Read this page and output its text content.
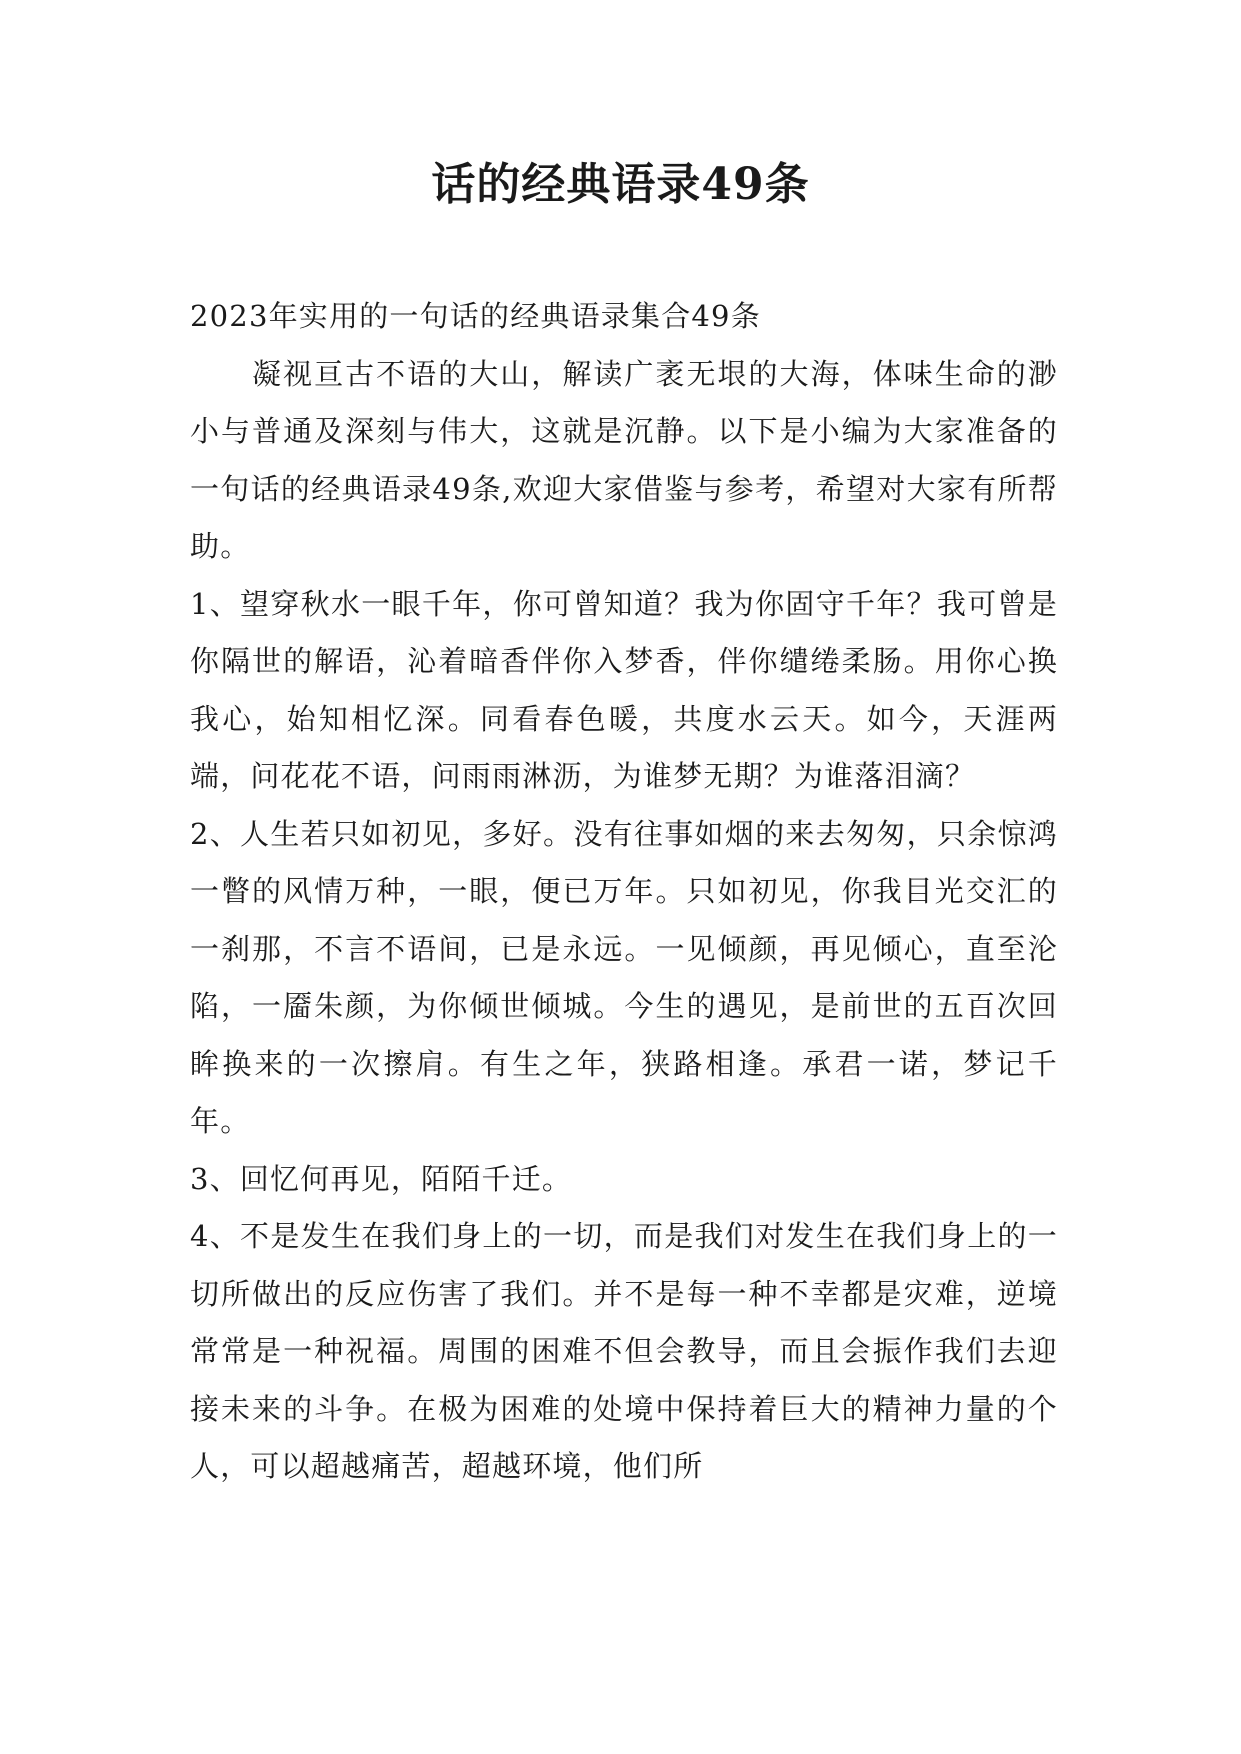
话的经典语录49条

2023年实用的一句话的经典语录集合49条

凝视亘古不语的大山，解读广袤无垠的大海，体味生命的渺小与普通及深刻与伟大，这就是沉静。以下是小编为大家准备的一句话的经典语录49条,欢迎大家借鉴与参考，希望对大家有所帮助。

1、望穿秋水一眼千年，你可曾知道？我为你固守千年？我可曾是你隔世的解语，沁着暗香伴你入梦香，伴你缱绻柔肠。用你心换我心，始知相忆深。同看春色暖，共度水云天。如今，天涯两端，问花花不语，问雨雨淋沥，为谁梦无期？为谁落泪滴？

2、人生若只如初见，多好。没有往事如烟的来去匆匆，只余惊鸿一瞥的风情万种，一眼，便已万年。只如初见，你我目光交汇的一刹那，不言不语间，已是永远。一见倾颜，再见倾心，直至沦陷，一靥朱颜，为你倾世倾城。今生的遇见，是前世的五百次回眸换来的一次擦肩。有生之年，狭路相逢。承君一诺，梦记千年。

3、回忆何再见，陌陌千迁。

4、不是发生在我们身上的一切，而是我们对发生在我们身上的一切所做出的反应伤害了我们。并不是每一种不幸都是灾难，逆境常常是一种祝福。周围的困难不但会教导，而且会振作我们去迎接未来的斗争。在极为困难的处境中保持着巨大的精神力量的个人，可以超越痛苦，超越环境，他们所
